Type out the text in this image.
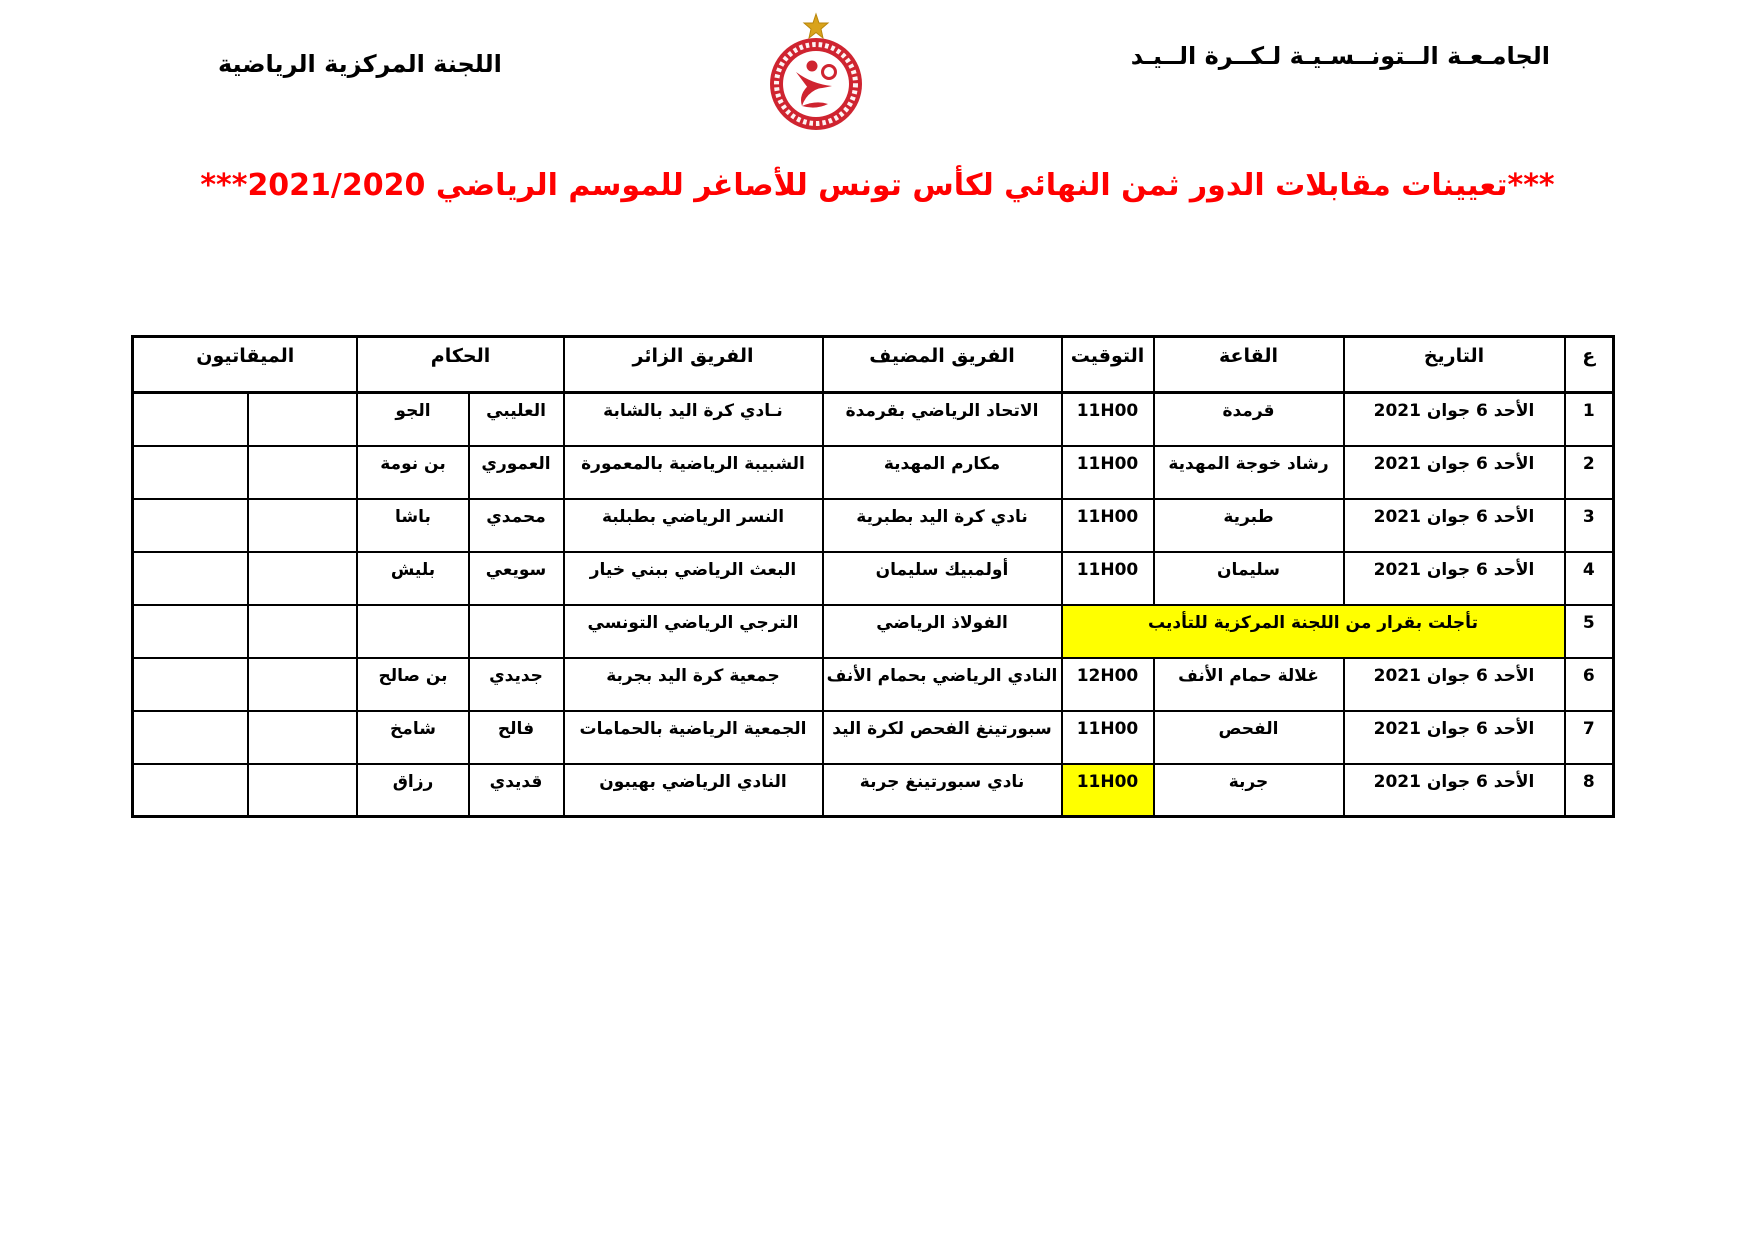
الجامـعـة الــتونــسـيـة لـكــرة الــيـد
اللجنة المركزية الرياضية
***تعيينات مقابلات الدور ثمن النهائي لكأس تونس للأصاغر للموسم الرياضي 2021/2020***
ع	التاريخ	القاعة	التوقيت	الفريق المضيف	الفريق الزائر	الحكام		الميقاتيون	
1	الأحد 6 جوان 2021	قرمدة	11H00	الاتحاد الرياضي بقرمدة	نـادي كرة اليد بالشابة	العليبي	الجو		
2	الأحد 6 جوان 2021	رشاد خوجة المهدية	11H00	مكارم المهدية	الشبيبة الرياضية بالمعمورة	العموري	بن نومة		
3	الأحد 6 جوان 2021	طبرية	11H00	نادي كرة اليد بطبرية	النسر الرياضي بطبلبة	محمدي	باشا		
4	الأحد 6 جوان 2021	سليمان	11H00	أولمبيك سليمان	البعث الرياضي ببني خيار	سويعي	بليش		
5	تأجلت بقرار من اللجنة المركزية للتأديب			الفولاذ الرياضي	الترجي الرياضي التونسي				
6	الأحد 6 جوان 2021	غلالة حمام الأنف	12H00	النادي الرياضي بحمام الأنف	جمعية كرة اليد بجربة	جديدي	بن صالح		
7	الأحد 6 جوان 2021	الفحص	11H00	سبورتينغ الفحص لكرة اليد	الجمعية الرياضية بالحمامات	فالح	شامخ		
8	الأحد 6 جوان 2021	جربة	11H00	نادي سبورتينغ جربة	النادي الرياضي بهيبون	قديدي	رزاق		
